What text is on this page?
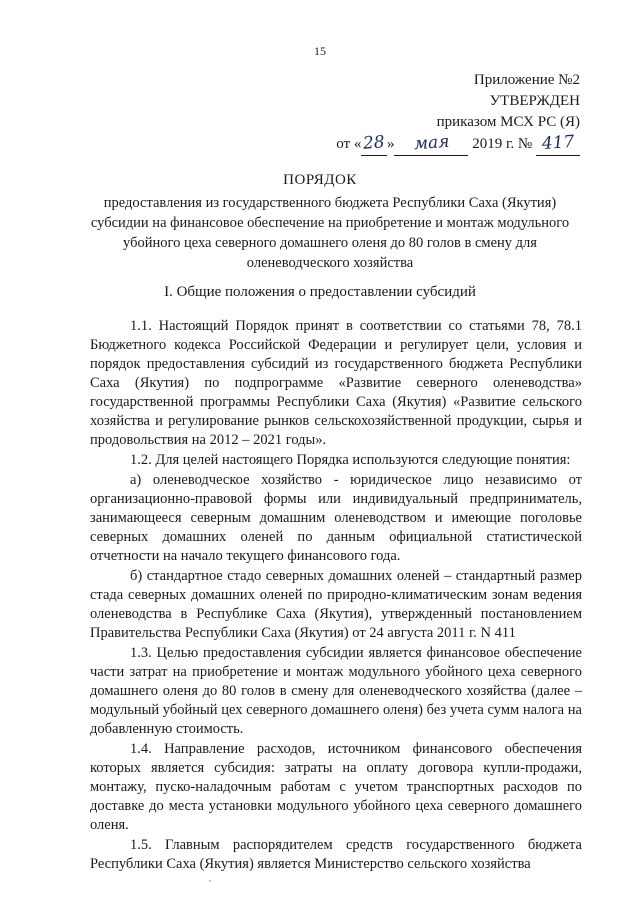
15
Приложение №2
УТВЕРЖДЕН
приказом МСХ РС (Я)
от «28» мая 2019 г. № 417
ПОРЯДОК
предоставления из государственного бюджета Республики Саха (Якутия) субсидии на финансовое обеспечение на приобретение и монтаж модульного убойного цеха северного домашнего оленя до 80 голов в смену для оленеводческого хозяйства
I. Общие положения о предоставлении субсидий

1.1. Настоящий Порядок принят в соответствии со статьями 78, 78.1 Бюджетного кодекса Российской Федерации и регулирует цели, условия и порядок предоставления субсидий из государственного бюджета Республики Саха (Якутия) по подпрограмме «Развитие северного оленеводства» государственной программы Республики Саха (Якутия) «Развитие сельского хозяйства и регулирование рынков сельскохозяйственной продукции, сырья и продовольствия на 2012 – 2021 годы».

1.2. Для целей настоящего Порядка используются следующие понятия:

а) оленеводческое хозяйство - юридическое лицо независимо от организационно-правовой формы или индивидуальный предприниматель, занимающееся северным домашним оленеводством и имеющие поголовье северных домашних оленей по данным официальной статистической отчетности на начало текущего финансового года.

б) стандартное стадо северных домашних оленей – стандартный размер стада северных домашних оленей по природно-климатическим зонам ведения оленеводства в Республике Саха (Якутия), утвержденный постановлением Правительства Республики Саха (Якутия) от 24 августа 2011 г. N 411

1.3. Целью предоставления субсидии является финансовое обеспечение части затрат на приобретение и монтаж модульного убойного цеха северного домашнего оленя до 80 голов в смену для оленеводческого хозяйства (далее – модульный убойный цех северного домашнего оленя) без учета сумм налога на добавленную стоимость.

1.4. Направление расходов, источником финансового обеспечения которых является субсидия: затраты на оплату договора купли-продажи, монтажу, пуско-наладочным работам с учетом транспортных расходов по доставке до места установки модульного убойного цеха северного домашнего оленя.

1.5. Главным распорядителем средств государственного бюджета Республики Саха (Якутия) является Министерство сельского хозяйства
